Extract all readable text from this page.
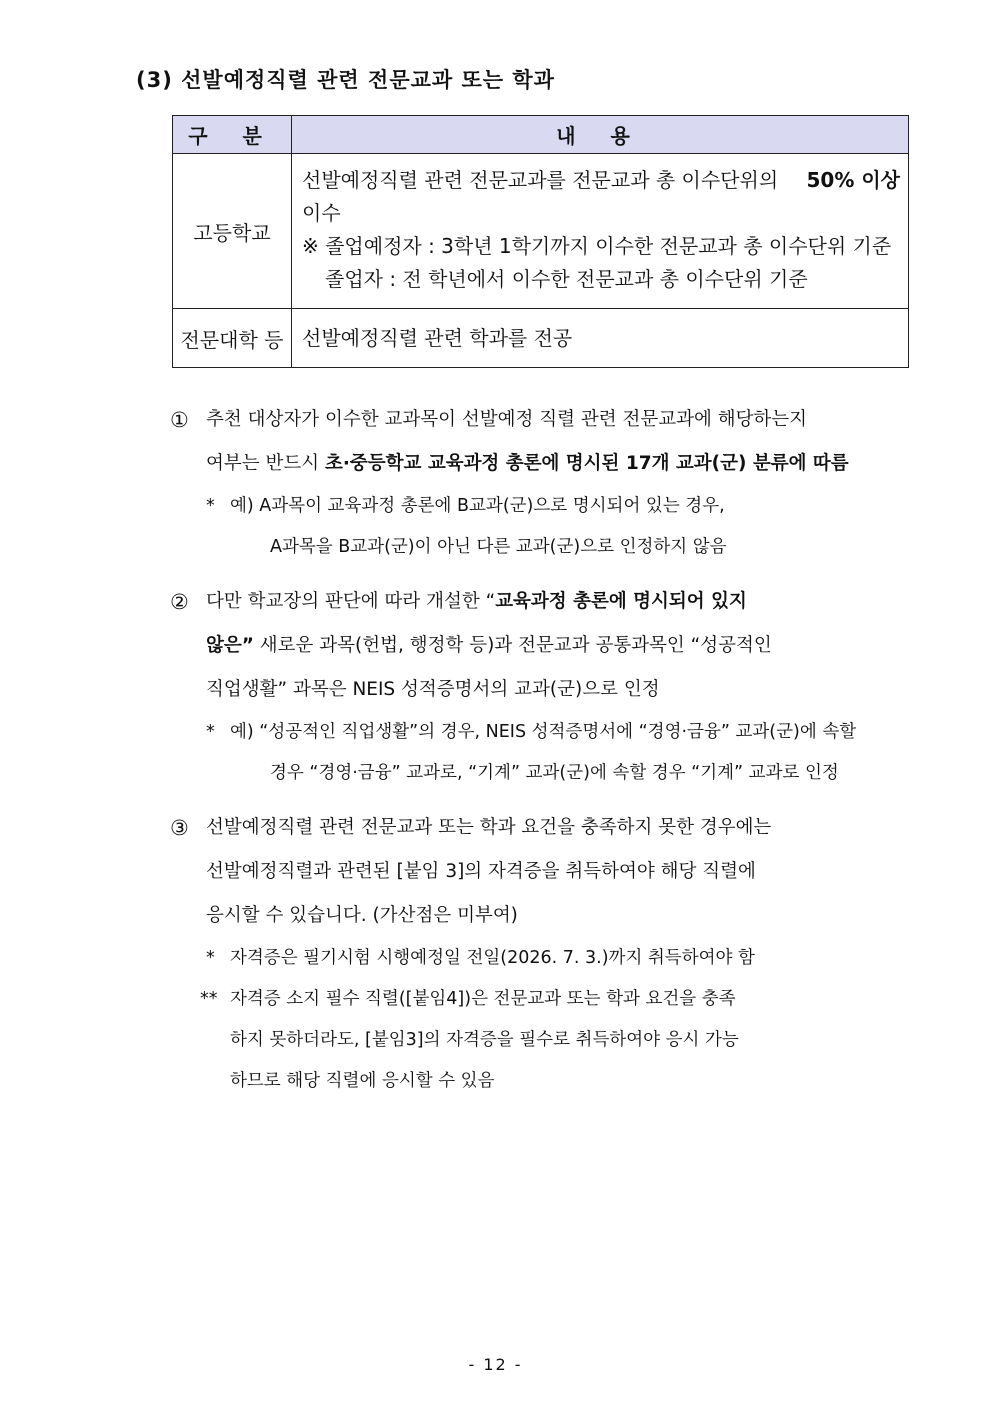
(3) 선발예정직렬 관련 전문교과 또는 학과
구 분	내 용
고등학교	선발예정직렬 관련 전문교과를 전문교과 총 이수단위의 50% 이상
이수
※ 졸업예정자 : 3학년 1학기까지 이수한 전문교과 총 이수단위 기준
졸업자 : 전 학년에서 이수한 전문교과 총 이수단위 기준

전문대학 등	선발예정직렬 관련 학과를 전공
① 추천 대상자가 이수한 교과목이 선발예정 직렬 관련 전문교과에 해당하는지
여부는 반드시 초·중등학교 교육과정 총론에 명시된 17개 교과(군) 분류에 따름
* 예) A과목이 교육과정 총론에 B교과(군)으로 명시되어 있는 경우,
A과목을 B교과(군)이 아닌 다른 교과(군)으로 인정하지 않음
② 다만 학교장의 판단에 따라 개설한 “교육과정 총론에 명시되어 있지
않은” 새로운 과목(헌법, 행정학 등)과 전문교과 공통과목인 “성공적인
직업생활” 과목은 NEIS 성적증명서의 교과(군)으로 인정
* 예) “성공적인 직업생활”의 경우, NEIS 성적증명서에 “경영·금융” 교과(군)에 속할
경우 “경영·금융” 교과로, “기계” 교과(군)에 속할 경우 “기계” 교과로 인정
③ 선발예정직렬 관련 전문교과 또는 학과 요건을 충족하지 못한 경우에는
선발예정직렬과 관련된 [붙임 3]의 자격증을 취득하여야 해당 직렬에
응시할 수 있습니다. (가산점은 미부여)
* 자격증은 필기시험 시행예정일 전일(2026. 7. 3.)까지 취득하여야 함
** 자격증 소지 필수 직렬([붙임4])은 전문교과 또는 학과 요건을 충족
하지 못하더라도, [붙임3]의 자격증을 필수로 취득하여야 응시 가능
하므로 해당 직렬에 응시할 수 있음
- 12 -
